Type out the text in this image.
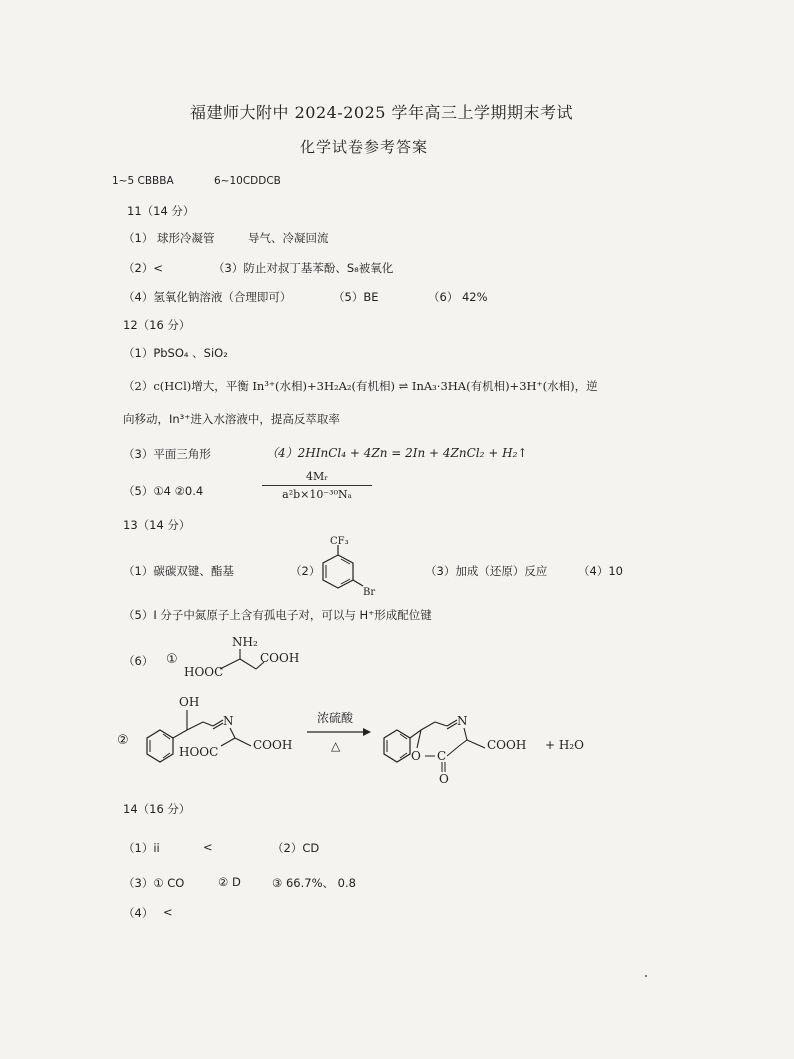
福建师大附中 2024-2025 学年高三上学期期末考试
化学试卷参考答案
1~5 CBBBA	6~10CDDCB
11（14 分）
（1） 球形冷凝管	导气、冷凝回流
（2）<	（3）防止对叔丁基苯酚、S₈被氧化
（4）氢氧化钠溶液（合理即可）	（5）BE	（6） 42%
12（16 分）
（1）PbSO₄ 、SiO₂
（2）c(HCl)增大，平衡 In³⁺(水相)+3H₂A₂(有机相) ⇌ InA₃·3HA(有机相)+3H⁺(水相)，逆
向移动，In³⁺进入水溶液中，提高反萃取率
（3）平面三角形	（4）2HInCl₄ + 4Zn = 2In + 4ZnCl₂ + H₂↑
（5）①4 ②0.4
4Mᵣ
a²b×10⁻³⁰Nₐ
13（14 分）
（1）碳碳双键、酯基	（2）
CF₃
Br
（3）加成（还原）反应	（4）10
（5）I 分子中氮原子上含有孤电子对，可以与 H⁺形成配位键
（6） ①
NH₂
HOOC
COOH
②
OH
N
HOOC	COOH
浓硫酸
△
N
O C
O
COOH + H₂O
14（16 分）
（1）ii	<	（2）CD
（3）① CO	② D	③ 66.7%、 0.8
（4） <
